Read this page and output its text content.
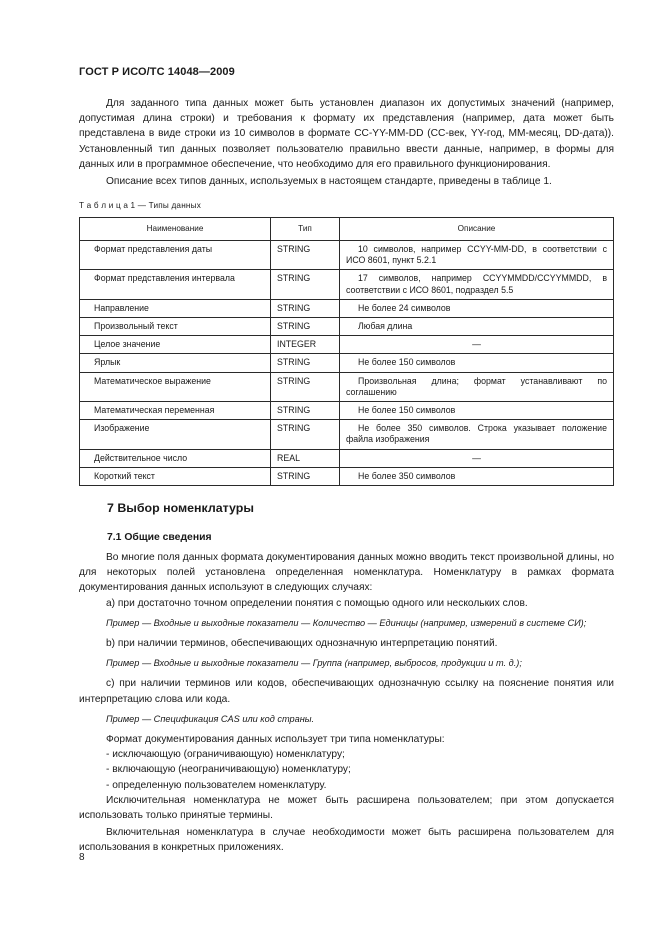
ГОСТ Р ИСО/ТС 14048—2009

Для заданного типа данных может быть установлен диапазон их допустимых значений (например, допустимая длина строки) и требования к формату их представления (например, дата может быть представлена в виде строки из 10 символов в формате CC-YY-MM-DD (CC-век, YY-год, MM-месяц, DD-дата)). Установленный тип данных позволяет пользователю правильно ввести данные, например, в формы для данных или в программное обеспечение, что необходимо для его правильного функционирования.

Описание всех типов данных, используемых в настоящем стандарте, приведены в таблице 1.

Т а б л и ц а 1 — Типы данных
Наименование	Тип	Описание
Формат представления даты	STRING	10 символов, например CCYY-MM-DD, в соответствии с ИСО 8601, пункт 5.2.1
Формат представления интервала	STRING	17 символов, например CCYYMMDD/CCYYMMDD, в соответствии с ИСО 8601, подраздел 5.5
Направление	STRING	Не более 24 символов
Произвольный текст	STRING	Любая длина
Целое значение	INTEGER	—
Ярлык	STRING	Не более 150 символов
Математическое выражение	STRING	Произвольная длина; формат устанавливают по соглашению
Математическая переменная	STRING	Не более 150 символов
Изображение	STRING	Не более 350 символов. Строка указывает положение файла изображения
Действительное число	REAL	—
Короткий текст	STRING	Не более 350 символов
7 Выбор номенклатуры
7.1 Общие сведения

Во многие поля данных формата документирования данных можно вводить текст произвольной длины, но для некоторых полей установлена определенная номенклатура. Номенклатуру в рамках формата документирования данных используют в следующих случаях:

а) при достаточно точном определении понятия с помощью одного или нескольких слов.

Пример — Входные и выходные показатели — Количество — Единицы (например, измерений в системе СИ);

b) при наличии терминов, обеспечивающих однозначную интерпретацию понятий.

Пример — Входные и выходные показатели — Группа (например, выбросов, продукции и т. д.);

c) при наличии терминов или кодов, обеспечивающих однозначную ссылку на пояснение понятия или интерпретацию слова или кода.

Пример — Спецификация CAS или код страны.

Формат документирования данных использует три типа номенклатуры:

- исключающую (ограничивающую) номенклатуру;

- включающую (неограничивающую) номенклатуру;

- определенную пользователем номенклатуру.

Исключительная номенклатура не может быть расширена пользователем; при этом допускается использовать только принятые термины.

Включительная номенклатура в случае необходимости может быть расширена пользователем для использования в конкретных приложениях.

8
